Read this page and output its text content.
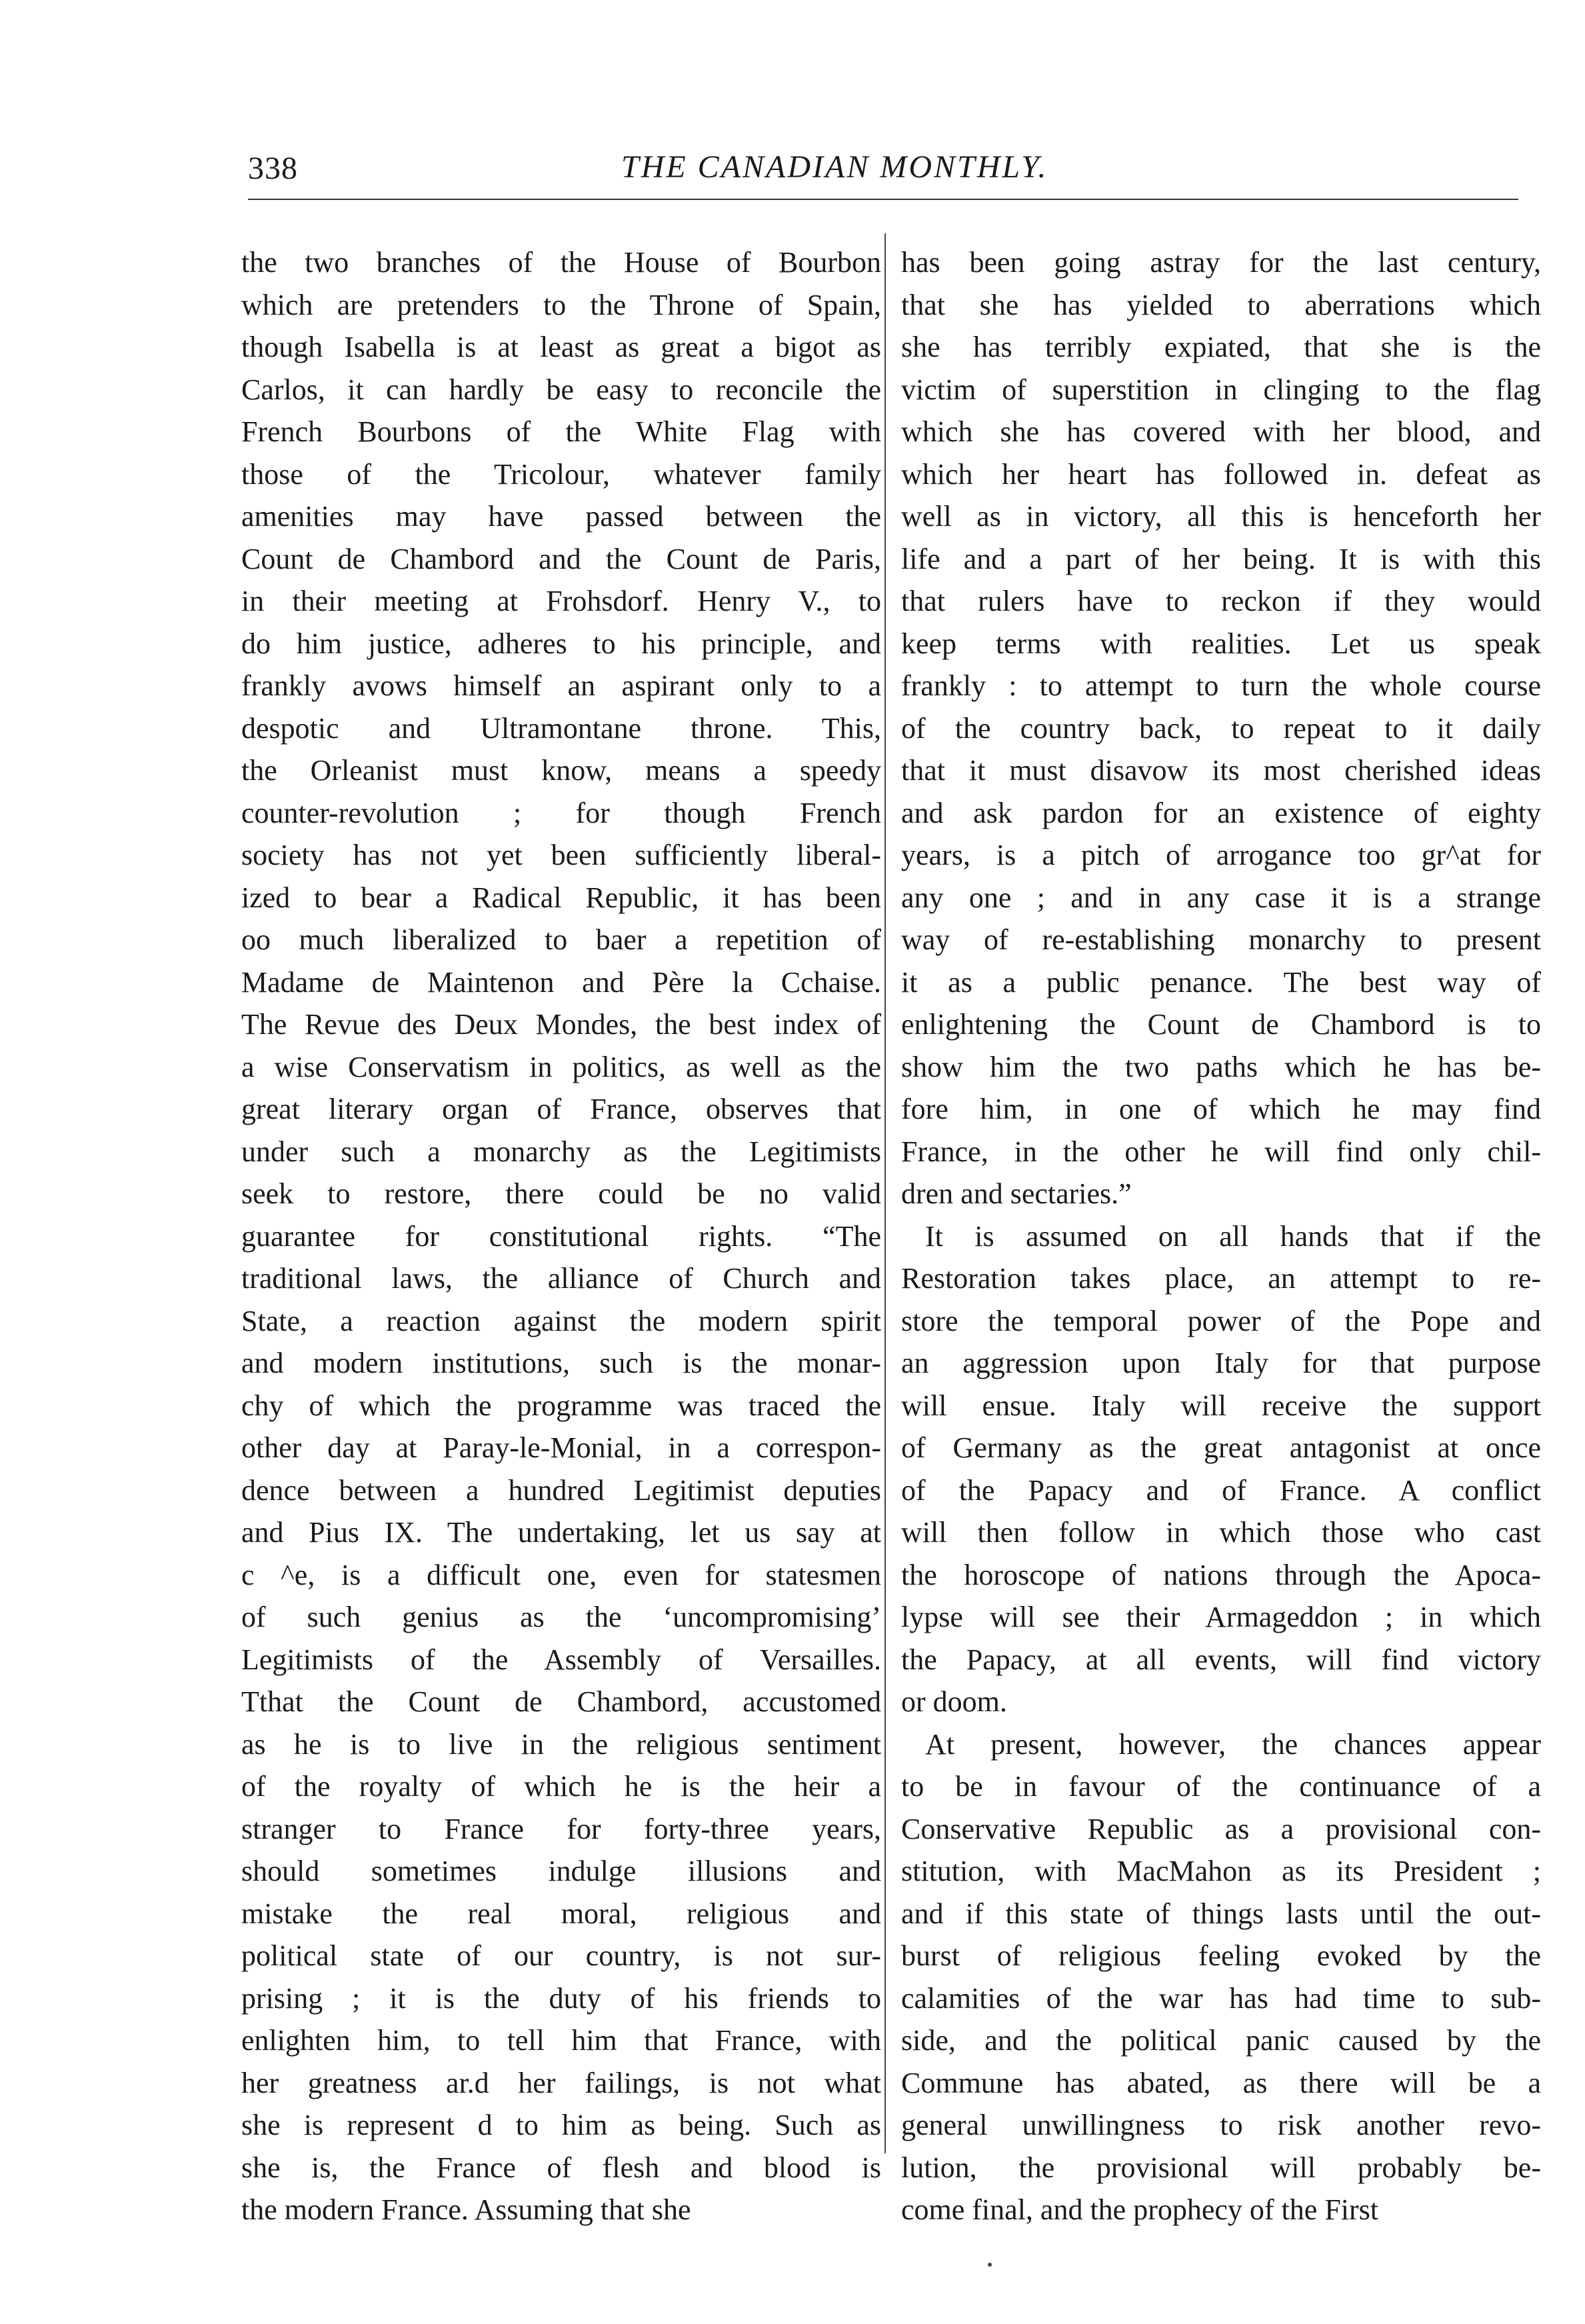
338	THE CANADIAN MONTHLY.
the two branches of the House of Bourbon
which are pretenders to the Throne of Spain,
though Isabella is at least as great a bigot as
Carlos, it can hardly be easy to reconcile the
French Bourbons of the White Flag with
those of the Tricolour, whatever family
amenities may have passed between the
Count de Chambord and the Count de Paris,
in their meeting at Frohsdorf. Henry V., to
do him justice, adheres to his principle, and
frankly avows himself an aspirant only to a
despotic and Ultramontane throne. This,
the Orleanist must know, means a speedy
counter-revolution ; for though French
society has not yet been sufficiently liberal-
ized to bear a Radical Republic, it has been
oo much liberalized to baer a repetition of
Madame de Maintenon and Père la Cchaise.
The Revue des Deux Mondes, the best index of
a wise Conservatism in politics, as well as the
great literary organ of France, observes that
under such a monarchy as the Legitimists
seek to restore, there could be no valid
guarantee for constitutional rights. “The
traditional laws, the alliance of Church and
State, a reaction against the modern spirit
and modern institutions, such is the monar-
chy of which the programme was traced the
other day at Paray-le-Monial, in a correspon-
dence between a hundred Legitimist deputies
and Pius IX. The undertaking, let us say at
c ^e, is a difficult one, even for statesmen
of such genius as the ‘uncompromising’
Legitimists of the Assembly of Versailles.
Tthat the Count de Chambord, accustomed
as he is to live in the religious sentiment
of the royalty of which he is the heir a
stranger to France for forty-three years,
should sometimes indulge illusions and
mistake the real moral, religious and
political state of our country, is not sur-
prising ; it is the duty of his friends to
enlighten him, to tell him that France, with
her greatness ar.d her failings, is not what
she is represent d to him as being. Such as
she is, the France of flesh and blood is
the modern France. Assuming that she
has been going astray for the last century,
that she has yielded to aberrations which
she has terribly expiated, that she is the
victim of superstition in clinging to the flag
which she has covered with her blood, and
which her heart has followed in. defeat as
well as in victory, all this is henceforth her
life and a part of her being. It is with this
that rulers have to reckon if they would
keep terms with realities. Let us speak
frankly : to attempt to turn the whole course
of the country back, to repeat to it daily
that it must disavow its most cherished ideas
and ask pardon for an existence of eighty
years, is a pitch of arrogance too gr^at for
any one ; and in any case it is a strange
way of re-establishing monarchy to present
it as a public penance. The best way of
enlightening the Count de Chambord is to
show him the two paths which he has be-
fore him, in one of which he may find
France, in the other he will find only chil-
dren and sectaries.”
It is assumed on all hands that if the
Restoration takes place, an attempt to re-
store the temporal power of the Pope and
an aggression upon Italy for that purpose
will ensue. Italy will receive the support
of Germany as the great antagonist at once
of the Papacy and of France. A conflict
will then follow in which those who cast
the horoscope of nations through the Apoca-
lypse will see their Armageddon ; in which
the Papacy, at all events, will find victory
or doom.
At present, however, the chances appear
to be in favour of the continuance of a
Conservative Republic as a provisional con-
stitution, with MacMahon as its President ;
and if this state of things lasts until the out-
burst of religious feeling evoked by the
calamities of the war has had time to sub-
side, and the political panic caused by the
Commune has abated, as there will be a
general unwillingness to risk another revo-
lution, the provisional will probably be-
come final, and the prophecy of the First
